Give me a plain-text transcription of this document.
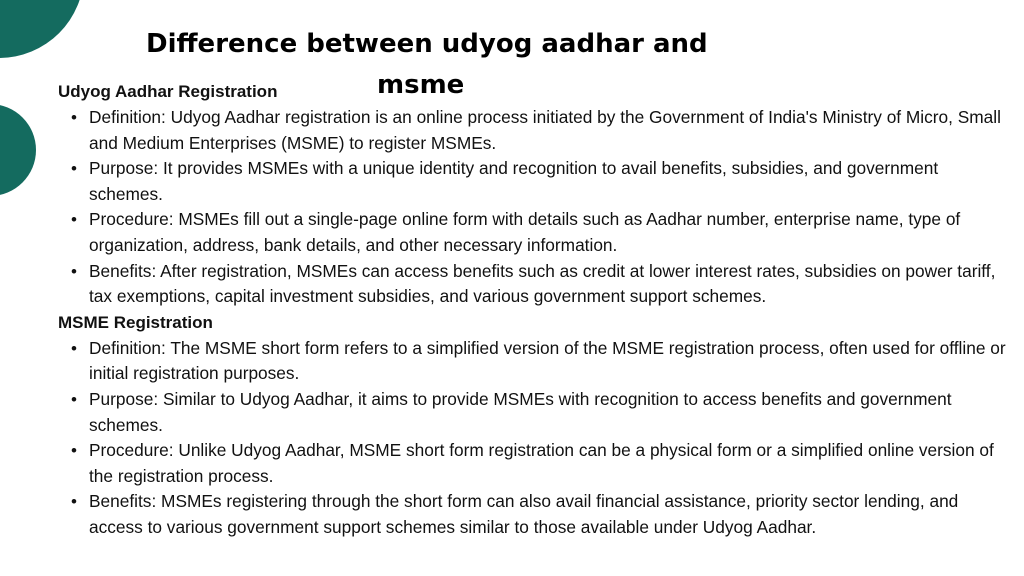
Udyog Aadhar Registration
• Definition: Udyog Aadhar registration is an online process initiated by the Government of India's Ministry of Micro, Small and Medium Enterprises (MSME) to register MSMEs.
• Purpose: It provides MSMEs with a unique identity and recognition to avail benefits, subsidies, and government schemes.
• Procedure: MSMEs fill out a single-page online form with details such as Aadhar number, enterprise name, type of organization, address, bank details, and other necessary information.
• Benefits: After registration, MSMEs can access benefits such as credit at lower interest rates, subsidies on power tariff, tax exemptions, capital investment subsidies, and various government support schemes.
MSME Registration
• Definition: The MSME short form refers to a simplified version of the MSME registration process, often used for offline or initial registration purposes.
• Purpose: Similar to Udyog Aadhar, it aims to provide MSMEs with recognition to access benefits and government schemes.
• Procedure: Unlike Udyog Aadhar, MSME short form registration can be a physical form or a simplified online version of the registration process.
• Benefits: MSMEs registering through the short form can also avail financial assistance, priority sector lending, and access to various government support schemes similar to those available under Udyog Aadhar.
Difference between udyog aadhar and
msme
